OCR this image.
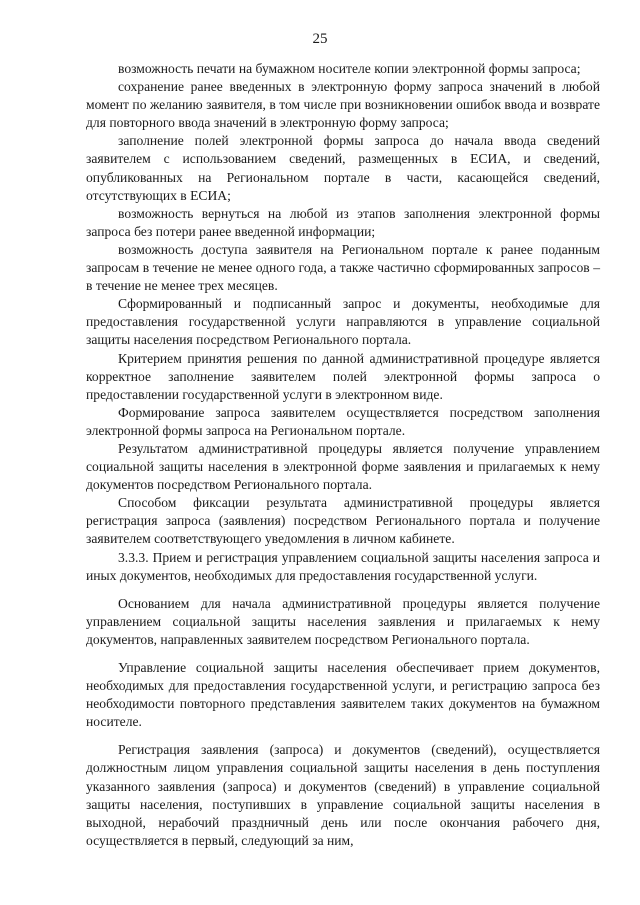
25

возможность печати на бумажном носителе копии электронной формы запроса;

сохранение ранее введенных в электронную форму запроса значений в любой момент по желанию заявителя, в том числе при возникновении ошибок ввода и возврате для повторного ввода значений в электронную форму запроса;

заполнение полей электронной формы запроса до начала ввода сведений заявителем с использованием сведений, размещенных в ЕСИА, и сведений, опубликованных на Региональном портале в части, касающейся сведений, отсутствующих в ЕСИА;

возможность вернуться на любой из этапов заполнения электронной формы запроса без потери ранее введенной информации;

возможность доступа заявителя на Региональном портале к ранее поданным запросам в течение не менее одного года, а также частично сформированных запросов – в течение не менее трех месяцев.

Сформированный и подписанный запрос и документы, необходимые для предоставления государственной услуги направляются в управление социальной защиты населения посредством Регионального портала.

Критерием принятия решения по данной административной процедуре является корректное заполнение заявителем полей электронной формы запроса о предоставлении государственной услуги в электронном виде.

Формирование запроса заявителем осуществляется посредством заполнения электронной формы запроса на Региональном портале.

Результатом административной процедуры является получение управлением социальной защиты населения в электронной форме заявления и прилагаемых к нему документов посредством Регионального портала.

Способом фиксации результата административной процедуры является регистрация запроса (заявления) посредством Регионального портала и получение заявителем соответствующего уведомления в личном кабинете.

3.3.3. Прием и регистрация управлением социальной защиты населения запроса и иных документов, необходимых для предоставления государственной услуги.

Основанием для начала административной процедуры является получение управлением социальной защиты населения заявления и прилагаемых к нему документов, направленных заявителем посредством Регионального портала.

Управление социальной защиты населения обеспечивает прием документов, необходимых для предоставления государственной услуги, и регистрацию запроса без необходимости повторного представления заявителем таких документов на бумажном носителе.

Регистрация заявления (запроса) и документов (сведений), осуществляется должностным лицом управления социальной защиты населения в день поступления указанного заявления (запроса) и документов (сведений) в управление социальной защиты населения, поступивших в управление социальной защиты населения в выходной, нерабочий праздничный день или после окончания рабочего дня, осуществляется в первый, следующий за ним,
